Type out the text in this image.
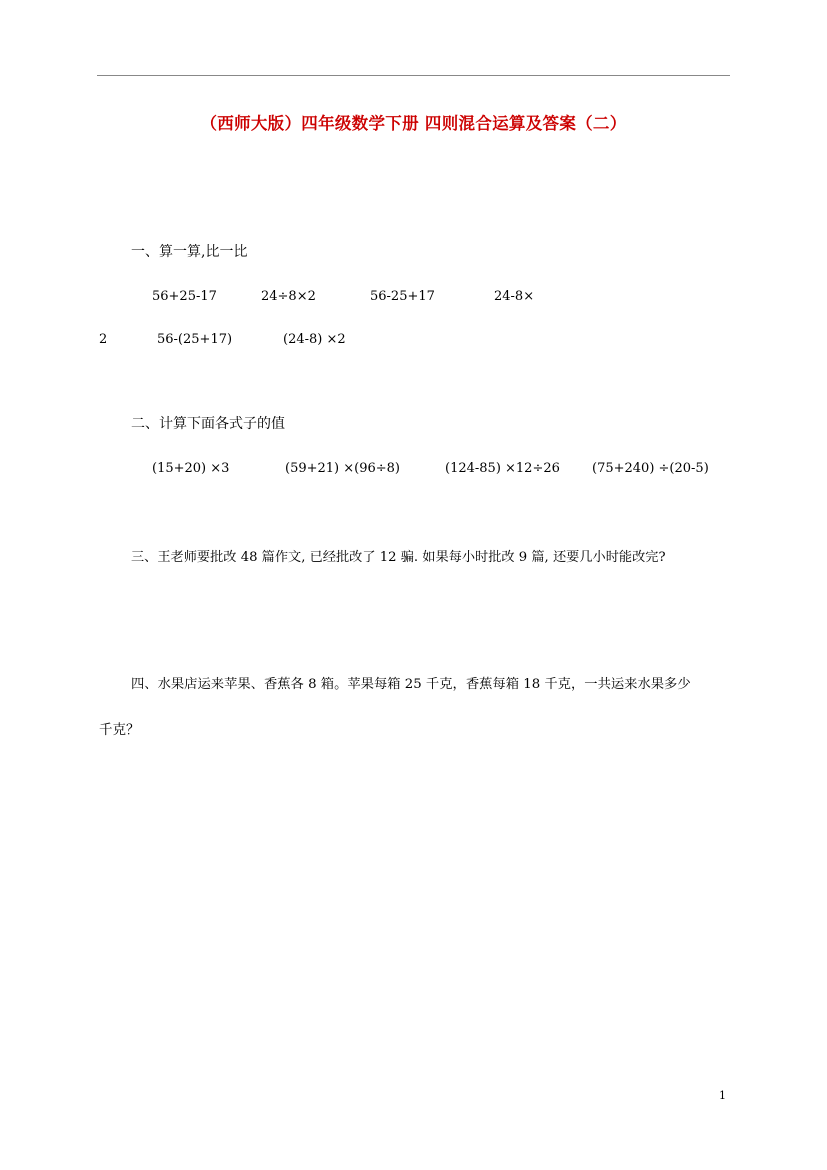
（西师大版）四年级数学下册 四则混合运算及答案（二）
一、算一算,比一比
56+25-17	24÷8×2	56-25+17	24-8×
2	56-(25+17)	(24-8) ×2
二、计算下面各式子的值
(15+20) ×3	(59+21) ×(96÷8)	(124-85) ×12÷26 (75+240) ÷(20-5)
三、王老师要批改 48 篇作文, 已经批改了 12 骗. 如果每小时批改 9 篇, 还要几小时能改完?
四、水果店运来苹果、香蕉各 8 箱。苹果每箱 25 千克，香蕉每箱 18 千克，一共运来水果多少
千克？
1
